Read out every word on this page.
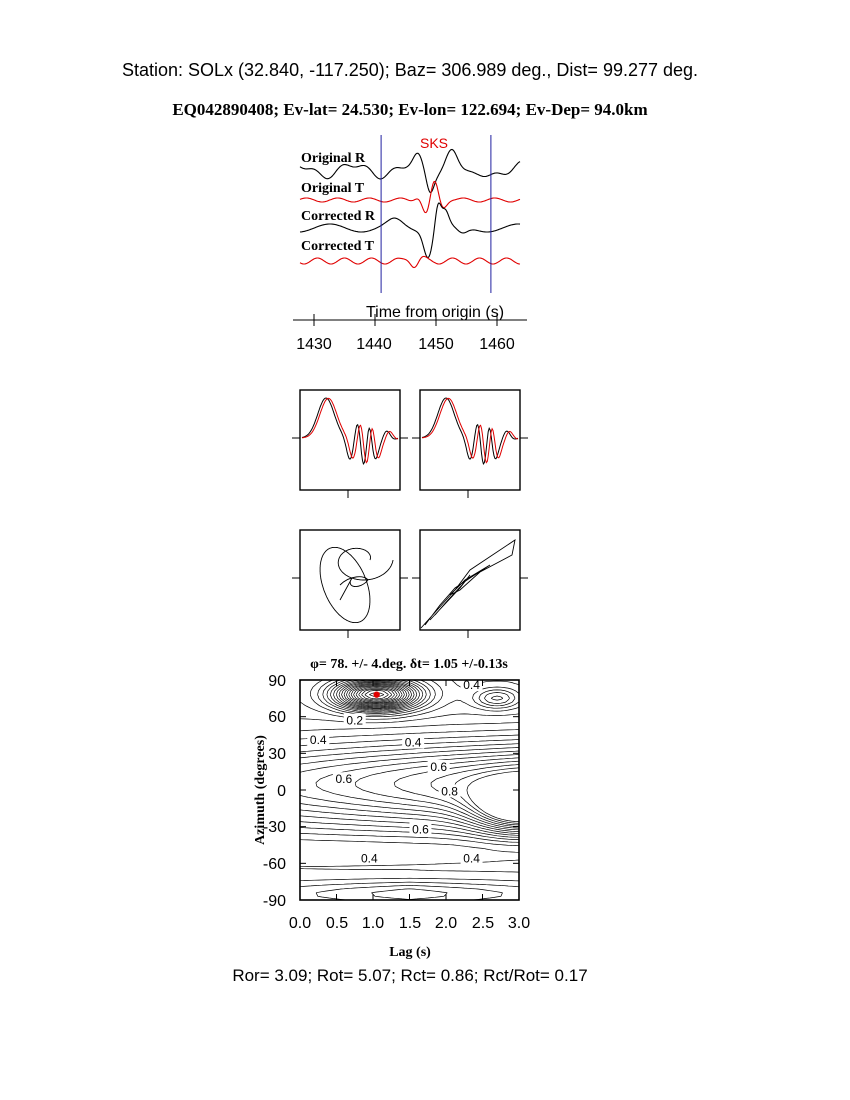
Station: SOLx (32.840, -117.250); Baz= 306.989 deg., Dist= 99.277 deg.
EQ042890408; Ev-lat= 24.530; Ev-lon= 122.694; Ev-Dep= 94.0km
SKS
Original R
Original T
Corrected R
Corrected T
Time from origin (s)
1430 1440 1450 1460
φ= 78. +/- 4.deg. δt= 1.05 +/-0.13s
0.4
0.2
0.4	0.4
0.6
0.6
0.8
0.6
0.4	0.4
90
60
30
0
-30
-60
-90
0.0 0.5 1.0 1.5 2.0 2.5 3.0
Lag (s)
Azimuth (degrees)
Ror= 3.09; Rot= 5.07; Rct= 0.86; Rct/Rot= 0.17
